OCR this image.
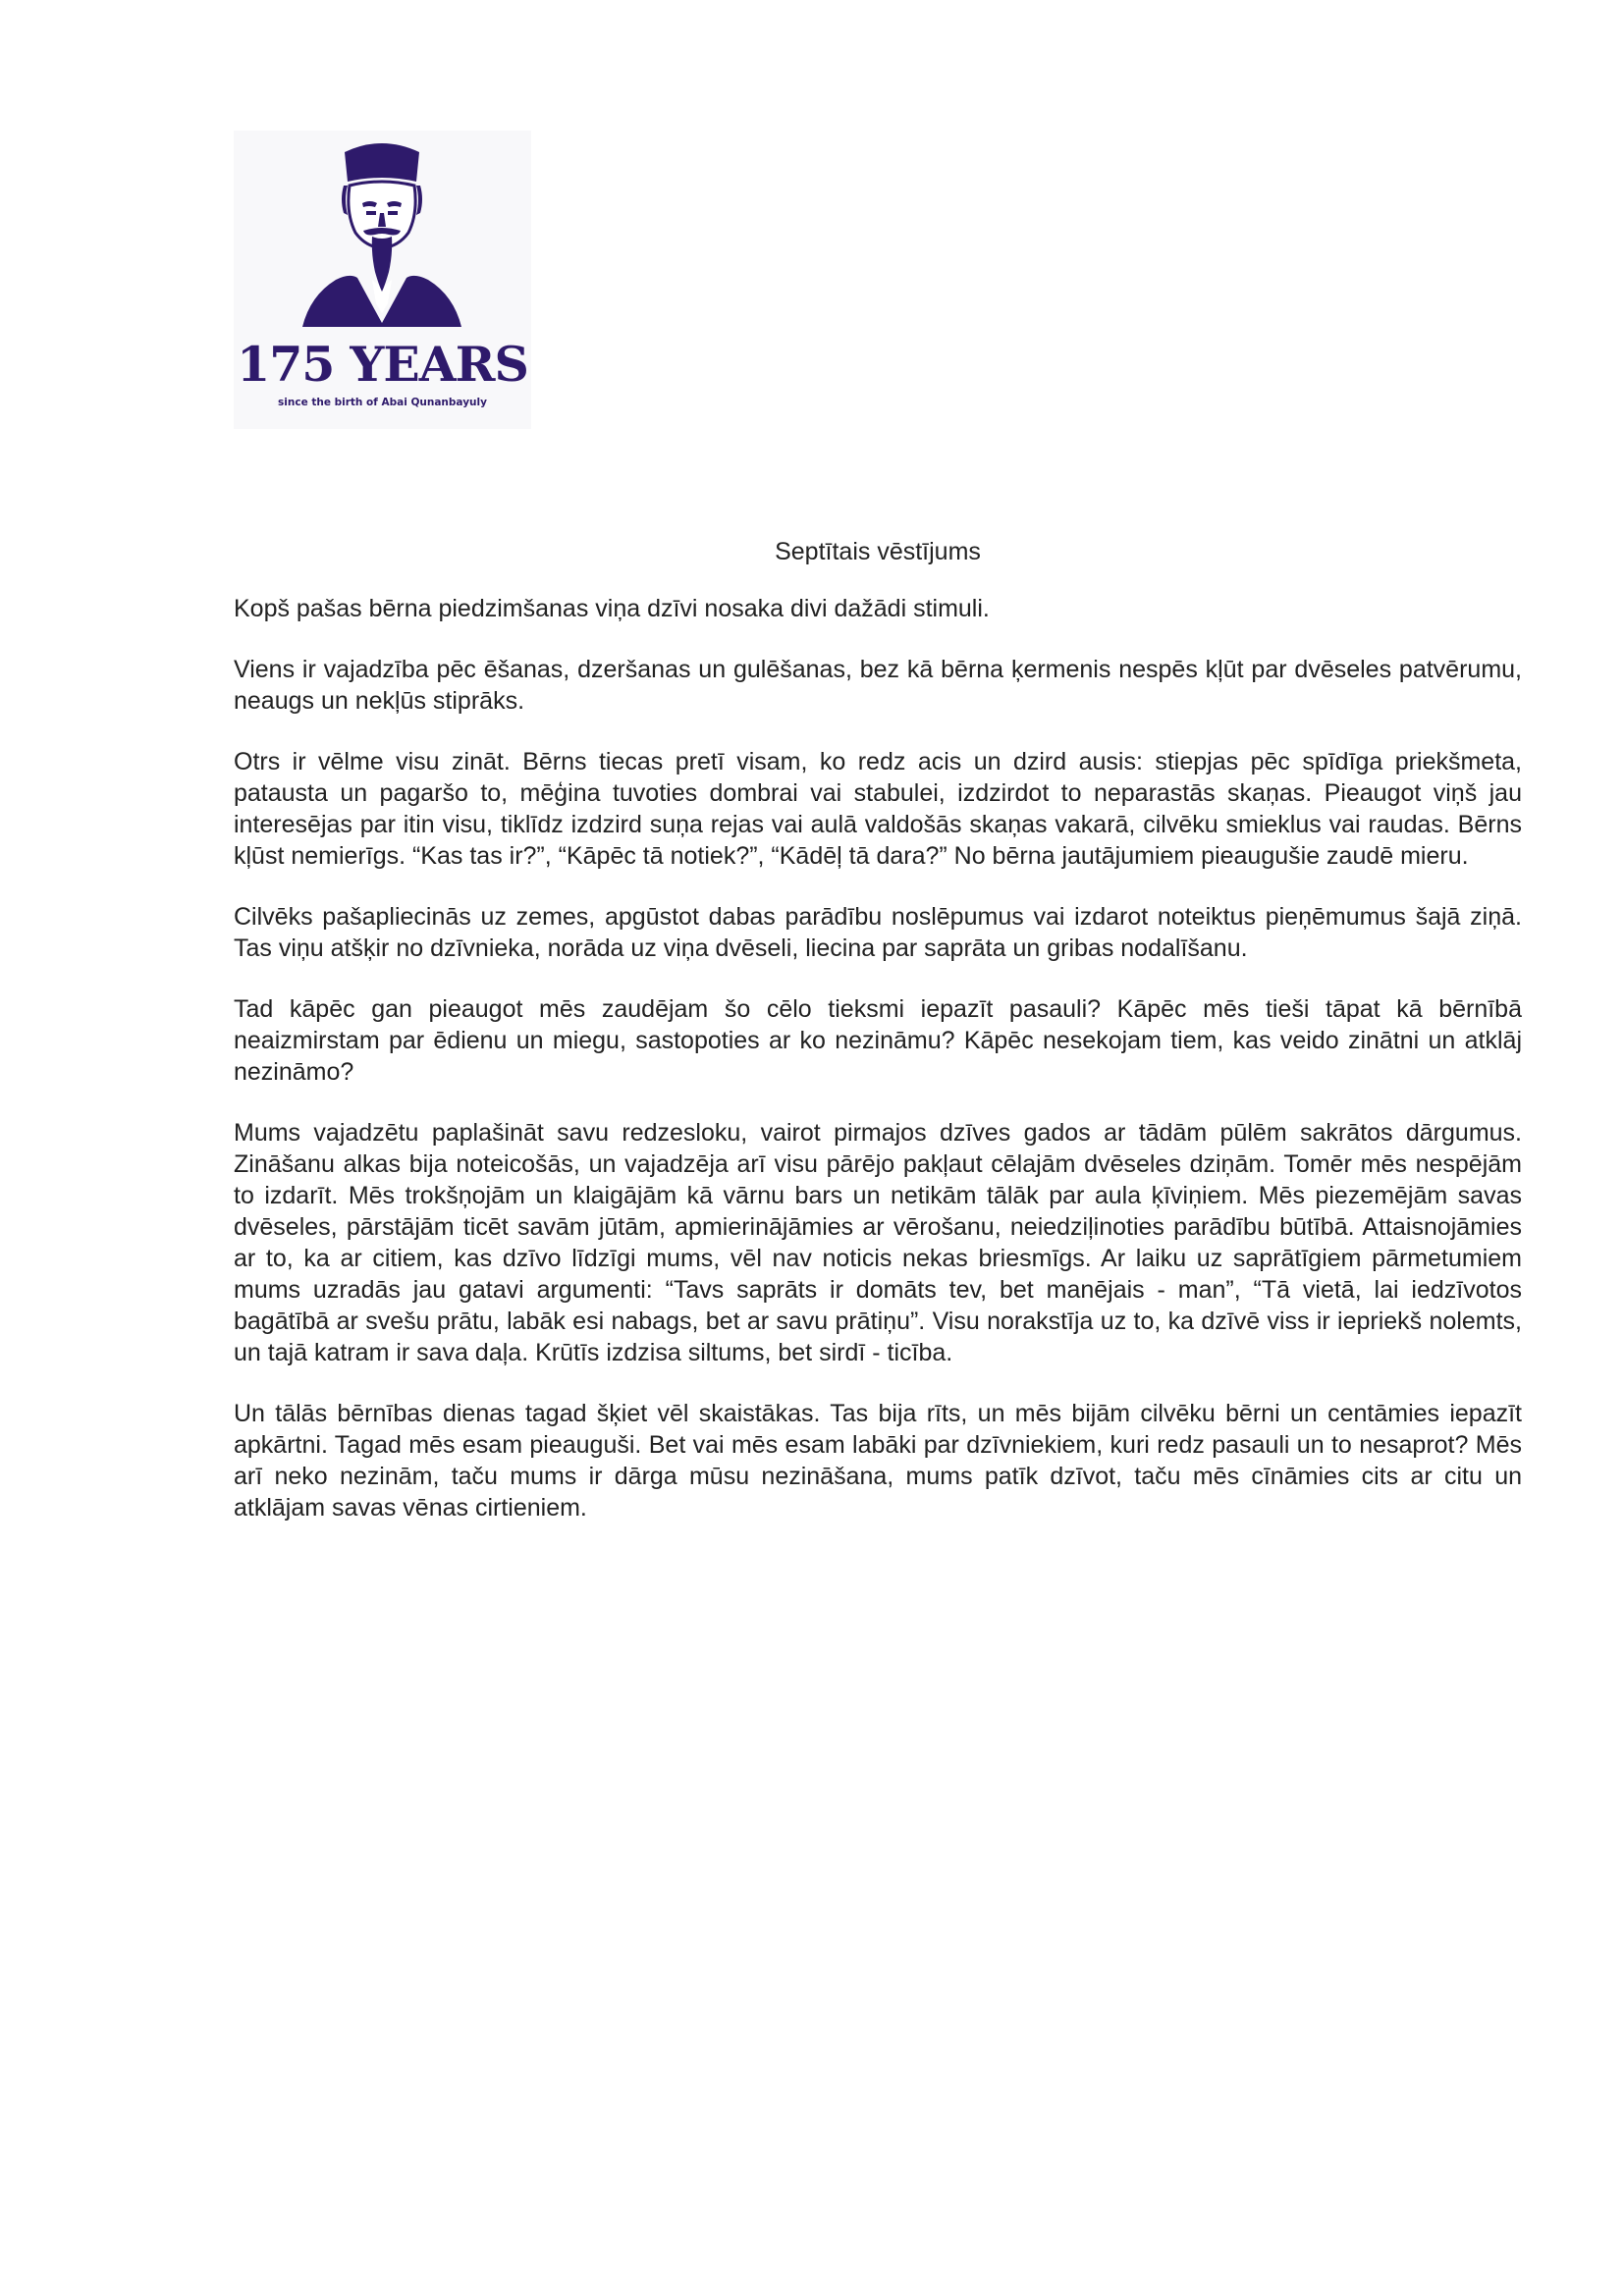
175 YEARS
since the birth of Abai Qunanbayuly
Septītais vēstījums

Kopš pašas bērna piedzimšanas viņa dzīvi nosaka divi dažādi stimuli.

Viens ir vajadzība pēc ēšanas, dzeršanas un gulēšanas, bez kā bērna ķermenis nespēs kļūt par dvēseles patvērumu, neaugs un nekļūs stiprāks.

Otrs ir vēlme visu zināt. Bērns tiecas pretī visam, ko redz acis un dzird ausis: stiepjas pēc spīdīga priekšmeta, pataustа un pagaršo to, mēģina tuvoties dombrai vai stabulei, izdzirdot to neparastās skaņas. Pieaugot viņš jau interesējas par itin visu, tiklīdz izdzird suņa rejas vai aulā valdošās skaņas vakarā, cilvēku smieklus vai raudas. Bērns kļūst nemierīgs. “Kas tas ir?”, “Kāpēc tā notiek?”, “Kādēļ tā dara?” No bērna jautājumiem pieaugušie zaudē mieru.

Cilvēks pašapliecinās uz zemes, apgūstot dabas parādību noslēpumus vai izdarot noteiktus pieņēmumus šajā ziņā. Tas viņu atšķir no dzīvnieka, norāda uz viņa dvēseli, liecina par saprāta un gribas nodalīšanu.

Tad kāpēc gan pieaugot mēs zaudējam šo cēlo tieksmi iepazīt pasauli? Kāpēc mēs tieši tāpat kā bērnībā neaizmirstam par ēdienu un miegu, sastopoties ar ko nezināmu? Kāpēc nesekojam tiem, kas veido zinātni un atklāj nezināmo?

Mums vajadzētu paplašināt savu redzesloku, vairot pirmajos dzīves gados ar tādām pūlēm sakrātos dārgumus. Zināšanu alkas bija noteicošās, un vajadzēja arī visu pārējo pakļaut cēlajām dvēseles dziņām. Tomēr mēs nespējām to izdarīt. Mēs trokšņojām un klaigājām kā vārnu bars un netikām tālāk par aula ķīviņiem. Mēs piezemējām savas dvēseles, pārstājām ticēt savām jūtām, apmierinājāmies ar vērošanu, neiedziļinoties parādību būtībā. Attaisnojāmies ar to, ka ar citiem, kas dzīvo līdzīgi mums, vēl nav noticis nekas briesmīgs. Ar laiku uz saprātīgiem pārmetumiem mums uzradās jau gatavi argumenti: “Tavs saprāts ir domāts tev, bet manējais - man”, “Tā vietā, lai iedzīvotos bagātībā ar svešu prātu, labāk esi nabags, bet ar savu prātiņu”. Visu norakstīja uz to, ka dzīvē viss ir iepriekš nolemts, un tajā katram ir sava daļa. Krūtīs izdzisa siltums, bet sirdī - ticība.

Un tālās bērnības dienas tagad šķiet vēl skaistākas. Tas bija rīts, un mēs bijām cilvēku bērni un centāmies iepazīt apkārtni. Tagad mēs esam pieauguši. Bet vai mēs esam labāki par dzīvniekiem, kuri redz pasauli un to nesaprot? Mēs arī neko nezinām, taču mums ir dārga mūsu nezināšana, mums patīk dzīvot, taču mēs cīnāmies cits ar citu un atklājam savas vēnas cirtieniem.
